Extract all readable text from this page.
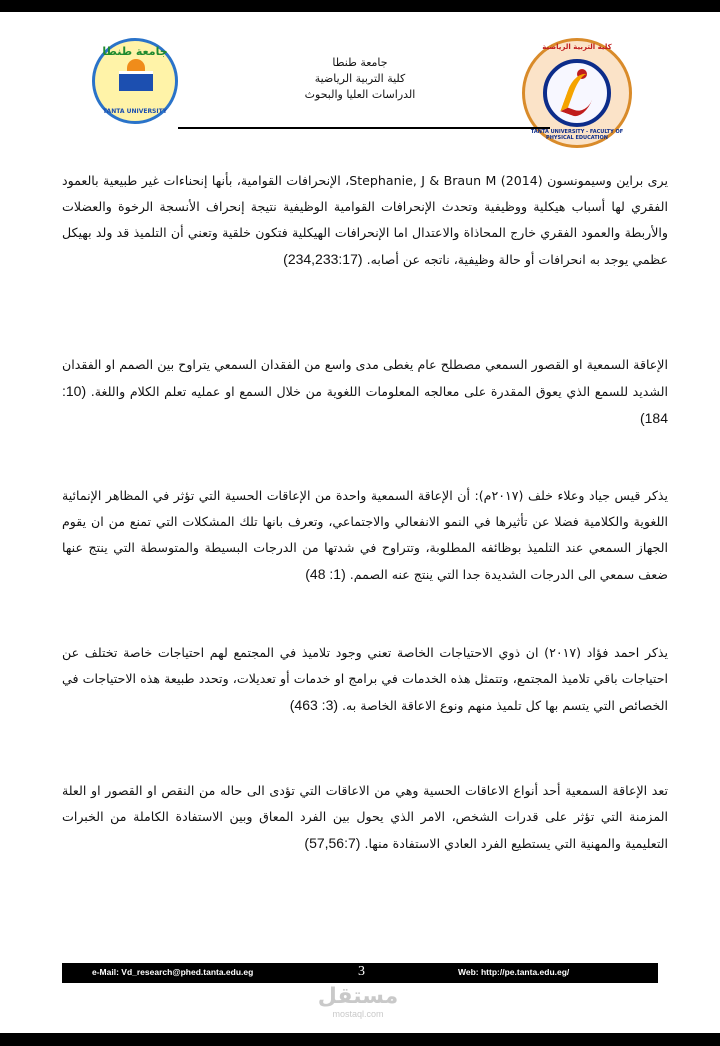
جامعة طنطا
TANTA UNIVERSITY
جامعة طنطا
كلية التربية الرياضية
الدراسات العليا والبحوث
كلية التربية الرياضية
TANTA UNIVERSITY - FACULTY OF PHYSICAL EDUCATION
يرى براين وسيمونسون (2014) Stephanie, J & Braun M، الإنحرافات القوامية، بأنها إنحناءات غير طبيعية بالعمود الفقري لها أسباب هيكلية ووظيفية وتحدث الإنحرافات القوامية الوظيفية نتيجة إنحراف الأنسجة الرخوة والعضلات والأربطة والعمود الفقري خارج المحاذاة والاعتدال اما الإنحرافات الهيكلية فتكون خلقية وتعني أن التلميذ قد ولد بهيكل عظمي يوجد به انحرافات أو حالة وظيفية، ناتجه عن أصابه. (234,233:17)
الإعاقة السمعية او القصور السمعي مصطلح عام يغطى مدى واسع من الفقدان السمعي يتراوح بين الصمم او الفقدان الشديد للسمع الذي يعوق المقدرة على معالجه المعلومات اللغوية من خلال السمع او عمليه تعلم الكلام واللغة. (10: 184)
يذكر قيس جياد وعلاء خلف (٢٠١٧م): أن الإعاقة السمعية واحدة من الإعاقات الحسية التي تؤثر في المظاهر الإنمائية اللغوية والكلامية فضلا عن تأثيرها في النمو الانفعالي والاجتماعي، وتعرف بانها تلك المشكلات التي تمنع من ان يقوم الجهاز السمعي عند التلميذ بوظائفه المطلوبة، وتتراوح في شدتها من الدرجات البسيطة والمتوسطة التي ينتج عنها ضعف سمعي الى الدرجات الشديدة جدا التي ينتج عنه الصمم. (1: 48)
يذكر احمد فؤاد (٢٠١٧) ان ذوي الاحتياجات الخاصة تعني وجود تلاميذ في المجتمع لهم احتياجات خاصة تختلف عن احتياجات باقي تلاميذ المجتمع، وتتمثل هذه الخدمات في برامج او خدمات أو تعديلات، وتحدد طبيعة هذه الاحتياجات في الخصائص التي يتسم بها كل تلميذ منهم ونوع الاعاقة الخاصة به. (3: 463)
تعد الإعاقة السمعية أحد أنواع الاعاقات الحسية وهي من الاعاقات التي تؤدى الى حاله من النقص او القصور او العلة المزمنة التي تؤثر على قدرات الشخص، الامر الذي يحول بين الفرد المعاق وبين الاستفادة الكاملة من الخبرات التعليمية والمهنية التي يستطيع الفرد العادي الاستفادة منها. (57,56:7)
e-Mail: Vd_research@phed.tanta.edu.eg	3	Web: http://pe.tanta.edu.eg/
مستقل
mostaql.com
